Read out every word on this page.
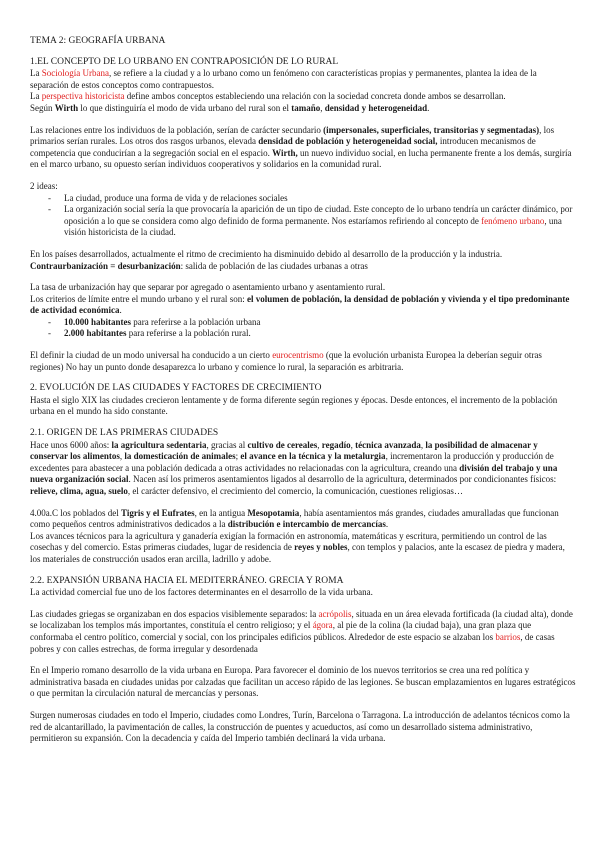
TEMA 2: GEOGRAFÍA URBANA

1.EL CONCEPTO DE LO URBANO EN CONTRAPOSICIÓN DE LO RURAL

La Sociología Urbana, se refiere a la ciudad y a lo urbano como un fenómeno con características propias y permanentes, plantea la idea de la separación de estos conceptos como contrapuestos.

La perspectiva historicista define ambos conceptos estableciendo una relación con la sociedad concreta donde ambos se desarrollan.

Según Wirth lo que distinguiría el modo de vida urbano del rural son el tamaño, densidad y heterogeneidad.

Las relaciones entre los individuos de la población, serían de carácter secundario (impersonales, superficiales, transitorias y segmentadas), los primarios serían rurales. Los otros dos rasgos urbanos, elevada densidad de población y heterogeneidad social, introducen mecanismos de competencia que conducirían a la segregación social en el espacio. Wirth, un nuevo individuo social, en lucha permanente frente a los demás, surgiría en el marco urbano, su opuesto serían individuos cooperativos y solidarios en la comunidad rural.

2 ideas:

- La ciudad, produce una forma de vida y de relaciones sociales
- La organización social sería la que provocaría la aparición de un tipo de ciudad. Este concepto de lo urbano tendría un carácter dinámico, por oposición a lo que se considera como algo definido de forma permanente. Nos estaríamos refiriendo al concepto de fenómeno urbano, una visión historicista de la ciudad.

En los países desarrollados, actualmente el ritmo de crecimiento ha disminuido debido al desarrollo de la producción y la industria.

Contraurbanización = desurbanización: salida de población de las ciudades urbanas a otras

La tasa de urbanización hay que separar por agregado o asentamiento urbano y asentamiento rural.

Los criterios de límite entre el mundo urbano y el rural son: el volumen de población, la densidad de población y vivienda y el tipo predominante de actividad económica.

- 10.000 habitantes para referirse a la población urbana
- 2.000 habitantes para referirse a la población rural.

El definir la ciudad de un modo universal ha conducido a un cierto eurocentrismo (que la evolución urbanista Europea la deberían seguir otras regiones) No hay un punto donde desaparezca lo urbano y comience lo rural, la separación es arbitraria.

2. EVOLUCIÓN DE LAS CIUDADES Y FACTORES DE CRECIMIENTO

Hasta el siglo XIX las ciudades crecieron lentamente y de forma diferente según regiones y épocas. Desde entonces, el incremento de la población urbana en el mundo ha sido constante.

2.1. ORIGEN DE LAS PRIMERAS CIUDADES

Hace unos 6000 años: la agricultura sedentaria, gracias al cultivo de cereales, regadío, técnica avanzada, la posibilidad de almacenar y conservar los alimentos, la domesticación de animales; el avance en la técnica y la metalurgia, incrementaron la producción y producción de excedentes para abastecer a una población dedicada a otras actividades no relacionadas con la agricultura, creando una división del trabajo y una nueva organización social. Nacen así los primeros asentamientos ligados al desarrollo de la agricultura, determinados por condicionantes físicos: relieve, clima, agua, suelo, el carácter defensivo, el crecimiento del comercio, la comunicación, cuestiones religiosas…

4.00a.C los poblados del Tigris y el Eufrates, en la antigua Mesopotamia, había asentamientos más grandes, ciudades amuralladas que funcionan como pequeños centros administrativos dedicados a la distribución e intercambio de mercancías.

Los avances técnicos para la agricultura y ganadería exigían la formación en astronomía, matemáticas y escritura, permitiendo un control de las cosechas y del comercio. Estas primeras ciudades, lugar de residencia de reyes y nobles, con templos y palacios, ante la escasez de piedra y madera, los materiales de construcción usados eran arcilla, ladrillo y adobe.

2.2. EXPANSIÓN URBANA HACIA EL MEDITERRÁNEO. GRECIA Y ROMA

La actividad comercial fue uno de los factores determinantes en el desarrollo de la vida urbana.

Las ciudades griegas se organizaban en dos espacios visiblemente separados: la acrópolis, situada en un área elevada fortificada (la ciudad alta), donde se localizaban los templos más importantes, constituía el centro religioso; y el ágora, al pie de la colina (la ciudad baja), una gran plaza que conformaba el centro político, comercial y social, con los principales edificios públicos. Alrededor de este espacio se alzaban los barrios, de casas pobres y con calles estrechas, de forma irregular y desordenada

En el Imperio romano desarrollo de la vida urbana en Europa. Para favorecer el dominio de los nuevos territorios se crea una red política y administrativa basada en ciudades unidas por calzadas que facilitan un acceso rápido de las legiones. Se buscan emplazamientos en lugares estratégicos o que permitan la circulación natural de mercancías y personas.

Surgen numerosas ciudades en todo el Imperio, ciudades como Londres, Turín, Barcelona o Tarragona. La introducción de adelantos técnicos como la red de alcantarillado, la pavimentación de calles, la construcción de puentes y acueductos, así como un desarrollado sistema administrativo, permitieron su expansión. Con la decadencia y caída del Imperio también declinará la vida urbana.
